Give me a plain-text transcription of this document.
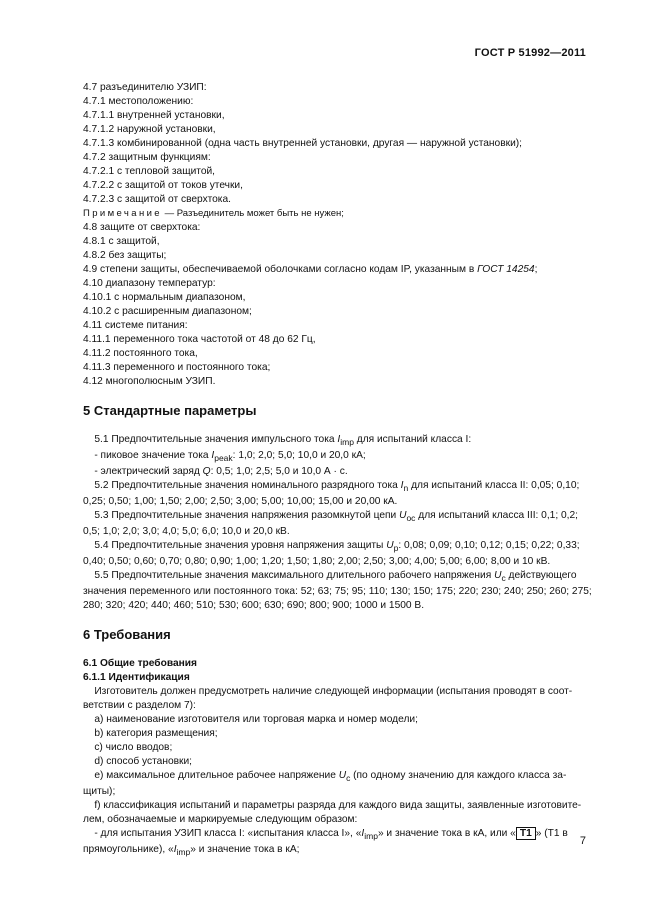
ГОСТ Р 51992—2011
4.7 разъединителю УЗИП:
4.7.1 местоположению:
4.7.1.1 внутренней установки,
4.7.1.2 наружной установки,
4.7.1.3 комбинированной (одна часть внутренней установки, другая — наружной установки);
4.7.2 защитным функциям:
4.7.2.1 с тепловой защитой,
4.7.2.2 с защитой от токов утечки,
4.7.2.3 с защитой от сверхтока.
Примечание — Разъединитель может быть не нужен;
4.8 защите от сверхтока:
4.8.1 с защитой,
4.8.2 без защиты;
4.9 степени защиты, обеспечиваемой оболочками согласно кодам IP, указанным в ГОСТ 14254;
4.10 диапазону температур:
4.10.1 с нормальным диапазоном,
4.10.2 с расширенным диапазоном;
4.11 системе питания:
4.11.1 переменного тока частотой от 48 до 62 Гц,
4.11.2 постоянного тока,
4.11.3 переменного и постоянного тока;
4.12 многополюсным УЗИП.
5 Стандартные параметры
5.1 Предпочтительные значения импульсного тока $I_{imp}$ для испытаний класса I:
- пиковое значение тока $I_{peak}$: 1,0; 2,0; 5,0; 10,0 и 20,0 кА;
- электрический заряд Q: 0,5; 1,0; 2,5; 5,0 и 10,0 А · с.
5.2 Предпочтительные значения номинального разрядного тока $I_n$ для испытаний класса II: 0,05; 0,10;
0,25; 0,50; 1,00; 1,50; 2,00; 2,50; 3,00; 5,00; 10,00; 15,00 и 20,00 кА.
5.3 Предпочтительные значения напряжения разомкнутой цепи $U_{oc}$ для испытаний класса III: 0,1; 0,2;
0,5; 1,0; 2,0; 3,0; 4,0; 5,0; 6,0; 10,0 и 20,0 кВ.
5.4 Предпочтительные значения уровня напряжения защиты $U_p$: 0,08; 0,09; 0,10; 0,12; 0,15; 0,22; 0,33;
0,40; 0,50; 0,60; 0,70; 0,80; 0,90; 1,00; 1,20; 1,50; 1,80; 2,00; 2,50; 3,00; 4,00; 5,00; 6,00; 8,00 и 10 кВ.
5.5 Предпочтительные значения максимального длительного рабочего напряжения $U_c$ действующего
значения переменного или постоянного тока: 52; 63; 75; 95; 110; 130; 150; 175; 220; 230; 240; 250; 260; 275;
280; 320; 420; 440; 460; 510; 530; 600; 630; 690; 800; 900; 1000 и 1500 В.
6 Требования
6.1 Общие требования
6.1.1 Идентификация
Изготовитель должен предусмотреть наличие следующей информации (испытания проводят в соот-
ветствии с разделом 7):
а) наименование изготовителя или торговая марка и номер модели;
b) категория размещения;
c) число вводов;
d) способ установки;
e) максимальное длительное рабочее напряжение $U_c$ (по одному значению для каждого класса за-
щиты);
f) классификация испытаний и параметры разряда для каждого вида защиты, заявленные изготовите-
лем, обозначаемые и маркируемые следующим образом:
- для испытания УЗИП класса I: «испытания класса I», «$I_{imp}$» и значение тока в кА, или « T1 » (T1 в
прямоугольнике), «$I_{imp}$» и значение тока в кА;
7
